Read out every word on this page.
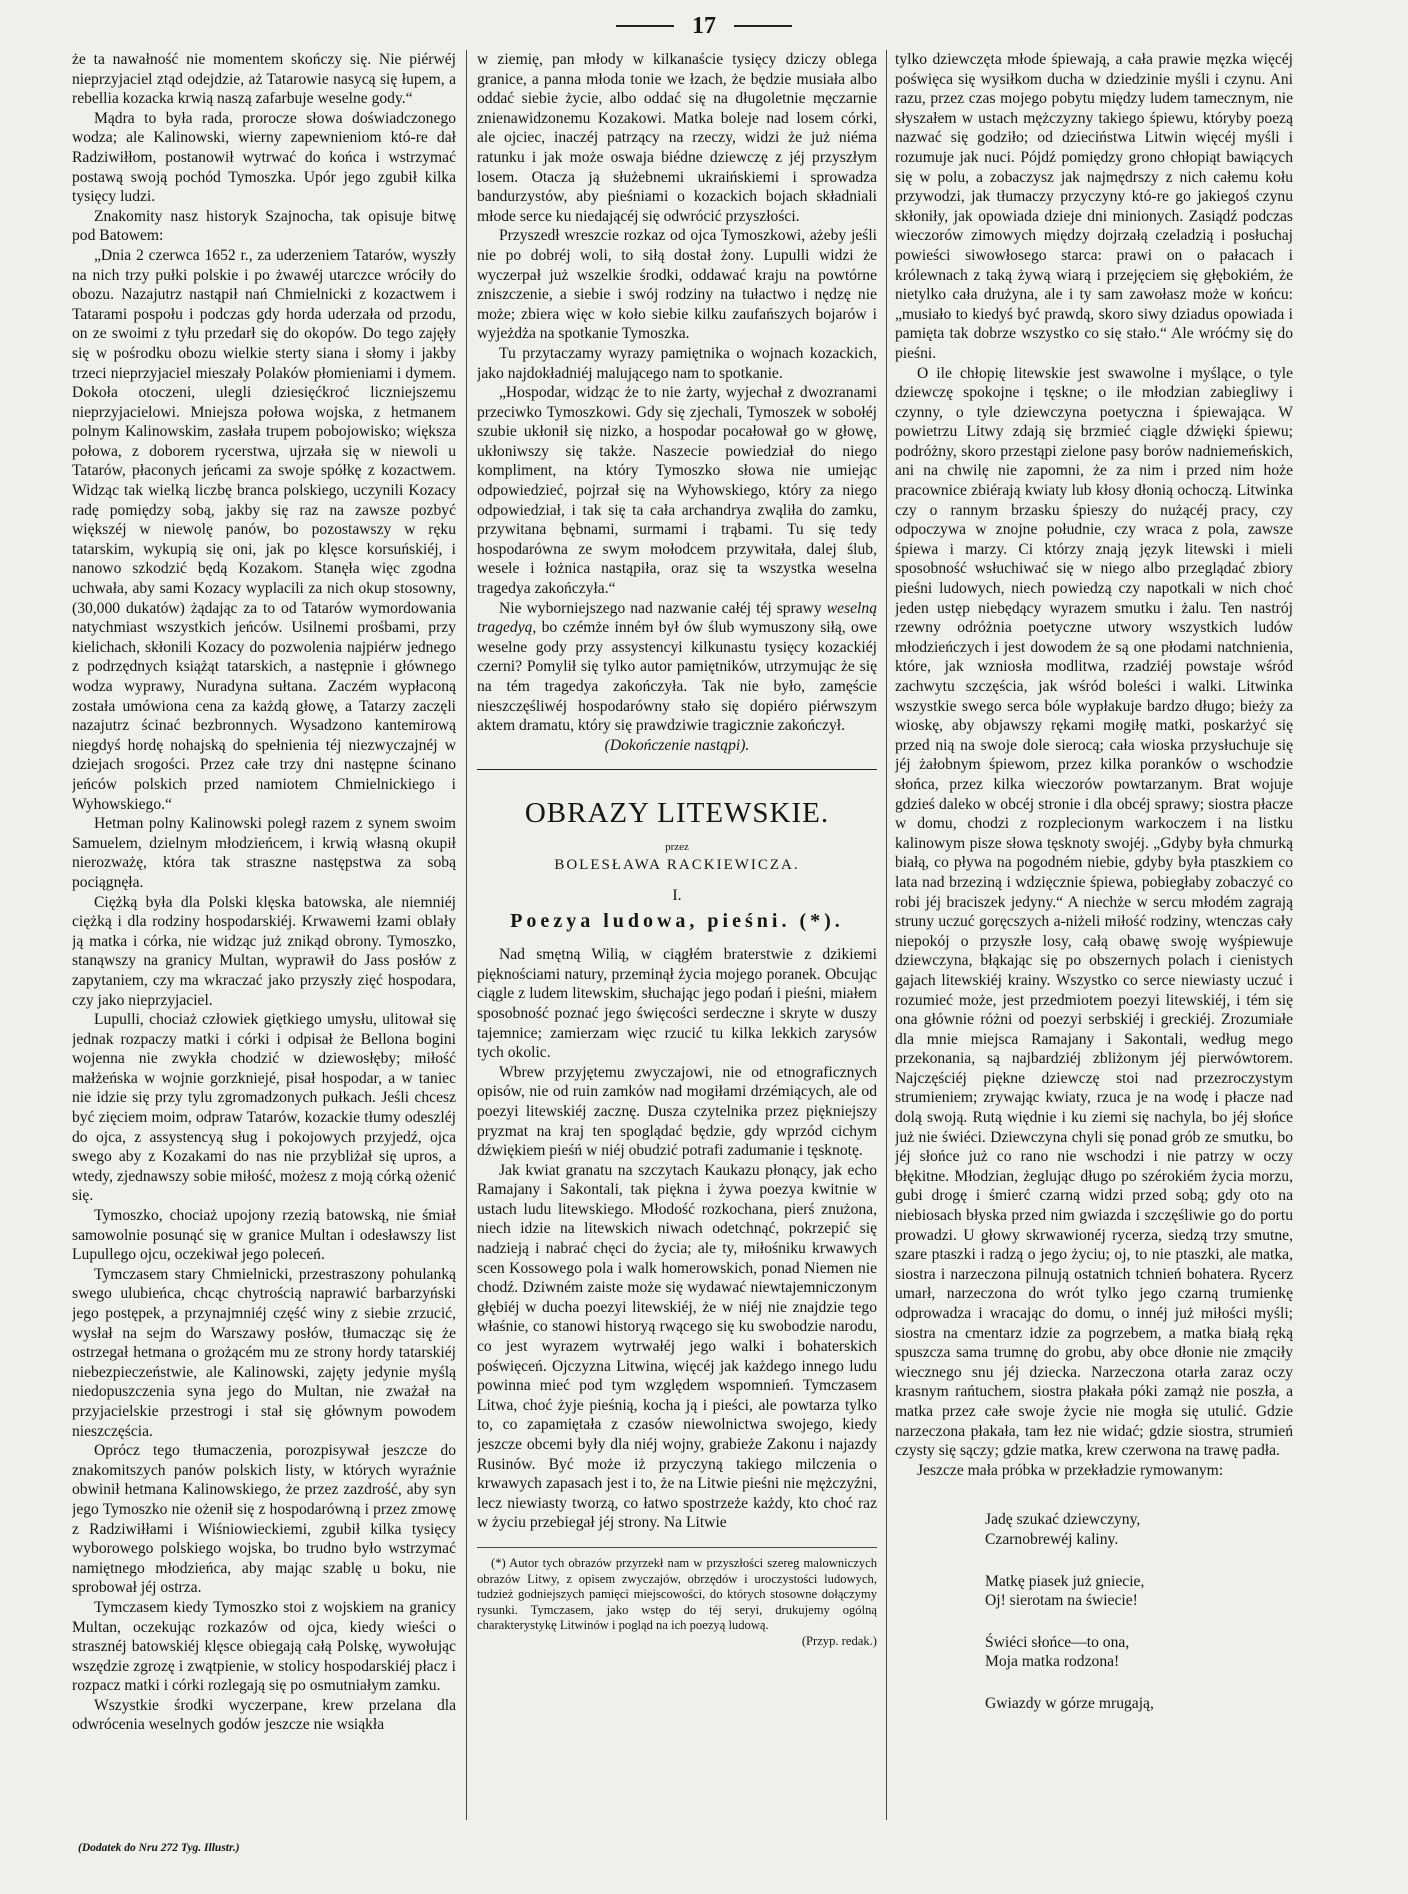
17

że ta nawałność nie momentem skończy się. Nie piérwéj nieprzyjaciel ztąd odejdzie, aż Tatarowie nasycą się łupem, a rebellia kozacka krwią naszą zafarbuje weselne gody.“

Mądra to była rada, prorocze słowa doświadczonego wodza; ale Kalinowski, wierny zapewnieniom któ-re dał Radziwiłłom, postanowił wytrwać do końca i wstrzymać postawą swoją pochód Tymoszka. Upór jego zgubił kilka tysięcy ludzi.

Znakomity nasz historyk Szajnocha, tak opisuje bitwę pod Batowem:

„Dnia 2 czerwca 1652 r., za uderzeniem Tatarów, wyszły na nich trzy pułki polskie i po żwawéj utarczce wróciły do obozu. Nazajutrz nastąpił nań Chmielnicki z kozactwem i Tatarami pospołu i podczas gdy horda uderzała od przodu, on ze swoimi z tyłu przedarł się do okopów. Do tego zajęły się w pośrodku obozu wielkie sterty siana i słomy i jakby trzeci nieprzyjaciel mieszały Polaków płomieniami i dymem. Dokoła otoczeni, ulegli dziesięćkroć liczniejszemu nieprzyjacielowi. Mniejsza połowa wojska, z hetmanem polnym Kalinowskim, zasłała trupem pobojowisko; większa połowa, z doborem rycerstwa, ujrzała się w niewoli u Tatarów, płaconych jeńcami za swoje spółkę z kozactwem. Widząc tak wielką liczbę branca polskiego, uczynili Kozacy radę pomiędzy sobą, jakby się raz na zawsze pozbyć większéj w niewolę panów, bo pozostawszy w ręku tatarskim, wykupią się oni, jak po klęsce korsuńskiéj, i nanowo szkodzić będą Kozakom. Stanęła więc zgodna uchwała, aby sami Kozacy wyplacili za nich okup stosowny, (30,000 dukatów) żądając za to od Tatarów wymordowania natychmiast wszystkich jeńców. Usilnemi prośbami, przy kielichach, skłonili Kozacy do pozwolenia najpiérw jednego z podrzędnych książąt tatarskich, a następnie i głównego wodza wyprawy, Nuradyna sułtana. Zaczém wypłaconą została umówiona cena za każdą głowę, a Tatarzy zaczęli nazajutrz ścinać bezbronnych. Wysadzono kantemirową niegdyś hordę nohajską do spełnienia téj niezwyczajnéj w dziejach srogości. Przez całe trzy dni następne ścinano jeńców polskich przed namiotem Chmielnickiego i Wyhowskiego.“

Hetman polny Kalinowski poległ razem z synem swoim Samuelem, dzielnym młodzieńcem, i krwią własną okupił nierozważę, która tak straszne następstwa za sobą pociągnęła.

Ciężką była dla Polski klęska batowska, ale niemniéj ciężką i dla rodziny hospodarskiéj. Krwawemi łzami oblały ją matka i córka, nie widząc już znikąd obrony. Tymoszko, stanąwszy na granicy Multan, wyprawił do Jass posłów z zapytaniem, czy ma wkraczać jako przyszły zięć hospodara, czy jako nieprzyjaciel.

Lupulli, chociaż człowiek giętkiego umysłu, ulitował się jednak rozpaczy matki i córki i odpisał że Bellona bogini wojenna nie zwykła chodzić w dziewosłęby; miłość małżeńska w wojnie gorzkniejé, pisał hospodar, a w taniec nie idzie się przy tylu zgromadzonych pułkach. Jeśli chcesz być zięciem moim, odpraw Tatarów, kozackie tłumy odeszléj do ojca, z assystencyą sług i pokojowych przyjedź, ojca swego aby z Kozakami do nas nie przybliżał się upros, a wtedy, zjednawszy sobie miłość, możesz z moją córką ożenić się.

Tymoszko, chociaż upojony rzezią batowską, nie śmiał samowolnie posunąć się w granice Multan i odesławszy list Lupullego ojcu, oczekiwał jego poleceń.

Tymczasem stary Chmielnicki, przestraszony pohulanką swego ulubieńca, chcąc chytrością naprawić barbarzyński jego postępek, a przynajmniéj część winy z siebie zrzucić, wysłał na sejm do Warszawy posłów, tłumacząc się że ostrzegał hetmana o grożącém mu ze strony hordy tatarskiéj niebezpieczeństwie, ale Kalinowski, zajęty jedynie myślą niedopuszczenia syna jego do Multan, nie zważał na przyjacielskie przestrogi i stał się głównym powodem nieszczęścia.

Oprócz tego tłumaczenia, porozpisywał jeszcze do znakomitszych panów polskich listy, w których wyraźnie obwinił hetmana Kalinowskiego, że przez zazdrość, aby syn jego Tymoszko nie ożenił się z hospodarówną i przez zmowę z Radziwiłłami i Wiśniowieckiemi, zgubił kilka tysięcy wyborowego polskiego wojska, bo trudno było wstrzymać namiętnego młodzieńca, aby mając szablę u boku, nie sprobował jéj ostrza.

Tymczasem kiedy Tymoszko stoi z wojskiem na granicy Multan, oczekując rozkazów od ojca, kiedy wieści o strasznéj batowskiéj klęsce obiegają całą Polskę, wywołując wszędzie zgrozę i zwątpienie, w stolicy hospodarskiéj płacz i rozpacz matki i córki rozlegają się po osmutniałym zamku.

Wszystkie środki wyczerpane, krew przelana dla odwrócenia weselnych godów jeszcze nie wsiąkła

w ziemię, pan młody w kilkanaście tysięcy dziczy oblega granice, a panna młoda tonie we łzach, że będzie musiała albo oddać siebie życie, albo oddać się na długoletnie męczarnie znienawidzonemu Kozakowi. Matka boleje nad losem córki, ale ojciec, inaczéj patrzący na rzeczy, widzi że już niéma ratunku i jak może oswaja biédne dziewczę z jéj przyszłym losem. Otacza ją służebnemi ukraińskiemi i sprowadza bandurzystów, aby pieśniami o kozackich bojach składniali młode serce ku niedającéj się odwrócić przyszłości.

Przyszedł wreszcie rozkaz od ojca Tymoszkowi, ażeby jeśli nie po dobréj woli, to siłą dostał żony. Lupulli widzi że wyczerpał już wszelkie środki, oddawać kraju na powtórne zniszczenie, a siebie i swój rodziny na tułactwo i nędzę nie może; zbiera więc w koło siebie kilku zaufańszych bojarów i wyjeżdża na spotkanie Tymoszka.

Tu przytaczamy wyrazy pamiętnika o wojnach kozackich, jako najdokładniéj malującego nam to spotkanie.

„Hospodar, widząc że to nie żarty, wyjechał z dwozranami przeciwko Tymoszkowi. Gdy się zjechali, Tymoszek w sobołéj szubie ukłonił się nizko, a hospodar pocałował go w głowę, ukłoniwszy się także. Naszecie powiedział do niego kompliment, na który Tymoszko słowa nie umiejąc odpowiedzieć, pojrzał się na Wyhowskiego, który za niego odpowiedział, i tak się ta cała archandrya zwąliła do zamku, przywitana bębnami, surmami i trąbami. Tu się tedy hospodarówna ze swym mołodcem przywitała, dalej ślub, wesele i łożnica nastąpiła, oraz się ta wszystka weselna tragedya zakończyła.“

Nie wyborniejszego nad nazwanie całéj téj sprawy weselną tragedyą, bo czémże inném był ów ślub wymuszony siłą, owe weselne gody przy assystencyi kilkunastu tysięcy kozackiéj czerni? Pomylił się tylko autor pamiętników, utrzymując że się na tém tragedya zakończyła. Tak nie było, zamęście nieszczęśliwéj hospodarówny stało się dopiéro piérwszym aktem dramatu, który się prawdziwie tragicznie zakończył.

(Dokończenie nastąpi).

OBRAZY LITEWSKIE.
przez
BOLESŁAWA RACKIEWICZA.
I.
Poezya ludowa, pieśni. (*).

Nad smętną Wilią, w ciągłém braterstwie z dzikiemi pięknościami natury, przeminął życia mojego poranek. Obcując ciągle z ludem litewskim, słuchając jego podań i pieśni, miałem sposobność poznać jego święcości serdeczne i skryte w duszy tajemnice; zamierzam więc rzucić tu kilka lekkich zarysów tych okolic.

Wbrew przyjętemu zwyczajowi, nie od etnograficznych opisów, nie od ruin zamków nad mogiłami drzémiących, ale od poezyi litewskiéj zacznę. Dusza czytelnika przez piękniejszy pryzmat na kraj ten spoglądać będzie, gdy wprzód cichym dźwiękiem pieśń w niéj obudzić potrafi zadumanie i tęsknotę.

Jak kwiat granatu na szczytach Kaukazu płonący, jak echo Ramajany i Sakontali, tak piękna i żywa poezya kwitnie w ustach ludu litewskiego. Młodość rozkochana, pierś znużona, niech idzie na litewskich niwach odetchnąć, pokrzepić się nadzieją i nabrać chęci do życia; ale ty, miłośniku krwawych scen Kossowego pola i walk homerowskich, ponad Niemen nie chodź. Dziwném zaiste może się wydawać niewtajemniczonym głębiéj w ducha poezyi litewskiéj, że w niéj nie znajdzie tego właśnie, co stanowi historyą rwącego się ku swobodzie narodu, co jest wyrazem wytrwałéj jego walki i bohaterskich poświęceń. Ojczyzna Litwina, więcéj jak każdego innego ludu powinna mieć pod tym względem wspomnień. Tymczasem Litwa, choć żyje pieśnią, kocha ją i pieści, ale powtarza tylko to, co zapamiętała z czasów niewolnictwa swojego, kiedy jeszcze obcemi były dla niéj wojny, grabieże Zakonu i najazdy Rusinów. Być może iż przyczyną takiego milczenia o krwawych zapasach jest i to, że na Litwie pieśni nie mężczyźni, lecz niewiasty tworzą, co łatwo spostrzeże każdy, kto choć raz w życiu przebiegał jéj strony. Na Litwie

(*) Autor tych obrazów przyrzekł nam w przyszłości szereg malowniczych obrazów Litwy, z opisem zwyczajów, obrzędów i uroczystości ludowych, tudzież godniejszych pamięci miejscowości, do których stosowne dołączymy rysunki. Tymczasem, jako wstęp do téj seryi, drukujemy ogólną charakterystykę Litwinów i pogląd na ich poezyą ludową.

(Przyp. redak.)

tylko dziewczęta młode śpiewają, a cała prawie męzka więcéj poświęca się wysiłkom ducha w dziedzinie myśli i czynu. Ani razu, przez czas mojego pobytu między ludem tamecznym, nie słyszałem w ustach mężczyzny takiego śpiewu, któryby poezą nazwać się godziło; od dzieciństwa Litwin więcéj myśli i rozumuje jak nuci. Pójdź pomiędzy grono chłopiąt bawiących się w polu, a zobaczysz jak najmędrszy z nich całemu kołu przywodzi, jak tłumaczy przyczyny któ-re go jakiegoś czynu skłoniły, jak opowiada dzieje dni minionych. Zasiądź podczas wieczorów zimowych między dojrzałą czeladzią i posłuchaj powieści siwowłosego starca: prawi on o pałacach i królewnach z taką żywą wiarą i przejęciem się głębokiém, że nietylko cała drużyna, ale i ty sam zawołasz może w końcu: „musiało to kiedyś być prawdą, skoro siwy dziadus opowiada i pamięta tak dobrze wszystko co się stało.“ Ale wróćmy się do pieśni.

O ile chłopię litewskie jest swawolne i myślące, o tyle dziewczę spokojne i tęskne; o ile młodzian zabiegliwy i czynny, o tyle dziewczyna poetyczna i śpiewająca. W powietrzu Litwy zdają się brzmieć ciągle dźwięki śpiewu; podróżny, skoro przestąpi zielone pasy borów nadniemeńskich, ani na chwilę nie zapomni, że za nim i przed nim hoże pracownice zbiérają kwiaty lub kłosy dłonią ochoczą. Litwinka czy o rannym brzasku śpieszy do nużącéj pracy, czy odpoczywa w znojne południe, czy wraca z pola, zawsze śpiewa i marzy. Ci którzy znają język litewski i mieli sposobność wsłuchiwać się w niego albo przeglądać zbiory pieśni ludowych, niech powiedzą czy napotkali w nich choć jeden ustęp niebędący wyrazem smutku i żalu. Ten nastrój rzewny odróżnia poetyczne utwory wszystkich ludów młodzieńczych i jest dowodem że są one płodami natchnienia, które, jak wzniosła modlitwa, rzadziéj powstaje wśród zachwytu szczęścia, jak wśród boleści i walki. Litwinka wszystkie swego serca bóle wypłakuje bardzo długo; bieży za wioskę, aby objawszy rękami mogiłę matki, poskarżyć się przed nią na swoje dole sierocą; cała wioska przysłuchuje się jéj żałobnym śpiewom, przez kilka poranków o wschodzie słońca, przez kilka wieczorów powtarzanym. Brat wojuje gdzieś daleko w obcéj stronie i dla obcéj sprawy; siostra płacze w domu, chodzi z rozplecionym warkoczem i na listku kalinowym pisze słowa tęsknoty swojéj. „Gdyby była chmurką białą, co pływa na pogodném niebie, gdyby była ptaszkiem co lata nad brzeziną i wdzięcznie śpiewa, pobiegłaby zobaczyć co robi jéj braciszek jedyny.“ A niechże w sercu młodém zagrają struny uczuć goręcszych a-niżeli miłość rodziny, wtenczas cały niepokój o przyszłe losy, całą obawę swoję wyśpiewuje dziewczyna, błąkając się po obszernych polach i cienistych gajach litewskiéj krainy. Wszystko co serce niewiasty uczuć i rozumieć może, jest przedmiotem poezyi litewskiéj, i tém się ona głównie różni od poezyi serbskiéj i greckiéj. Zrozumiałe dla mnie miejsca Ramajany i Sakontali, według mego przekonania, są najbardziéj zbliżonym jéj pierwówtorem. Najczęściéj piękne dziewczę stoi nad przezroczystym strumieniem; zrywając kwiaty, rzuca je na wodę i płacze nad dolą swoją. Rutą więdnie i ku ziemi się nachyla, bo jéj słońce już nie świéci. Dziewczyna chyli się ponad grób ze smutku, bo jéj słońce już co rano nie wschodzi i nie patrzy w oczy błękitne. Młodzian, żeglując długo po szérokiém życia morzu, gubi drogę i śmierć czarną widzi przed sobą; gdy oto na niebiosach błyska przed nim gwiazda i szczęśliwie go do portu prowadzi. U głowy skrwawionéj rycerza, siedzą trzy smutne, szare ptaszki i radzą o jego życiu; oj, to nie ptaszki, ale matka, siostra i narzeczona pilnują ostatnich tchnień bohatera. Rycerz umarł, narzeczona do wrót tylko jego czarną trumienkę odprowadza i wracając do domu, o innéj już miłości myśli; siostra na cmentarz idzie za pogrzebem, a matka białą ręką spuszcza sama trumnę do grobu, aby obce dłonie nie zmąciły wiecznego snu jéj dziecka. Narzeczona otarła zaraz oczy krasnym rańtuchem, siostra płakała póki zamąż nie poszła, a matka przez całe swoje życie nie mogła się utulić. Gdzie narzeczona płakała, tam łez nie widać; gdzie siostra, strumień czysty się sączy; gdzie matka, krew czerwona na trawę padła.

Jeszcze mała próbka w przekładzie rymowanym:

Jadę szukać dziewczyny,
Czarnobrewéj kaliny.
Matkę piasek już gniecie,
Oj! sierotam na świecie!
Świéci słońce—to ona,
Moja matka rodzona!
Gwiazdy w górze mrugają,
(Dodatek do Nru 272 Tyg. Illustr.)
